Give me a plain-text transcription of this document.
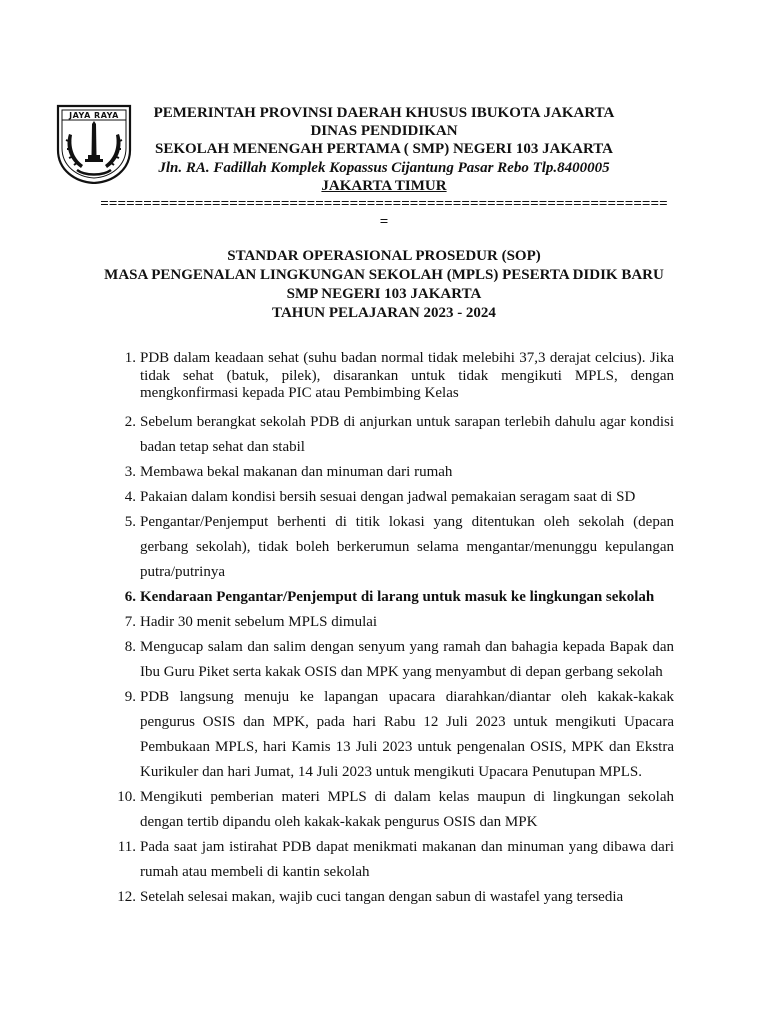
JAYA RAYA	PEMERINTAH PROVINSI DAERAH KHUSUS IBUKOTA JAKARTA
DINAS PENDIDIKAN
SEKOLAH MENENGAH PERTAMA ( SMP) NEGERI 103 JAKARTA
Jln. RA. Fadillah Komplek Kopassus Cijantung Pasar Rebo Tlp.8400005
JAKARTA TIMUR
==================================================================
=
STANDAR OPERASIONAL PROSEDUR (SOP)
MASA PENGENALAN LINGKUNGAN SEKOLAH (MPLS) PESERTA DIDIK BARU
SMP NEGERI 103 JAKARTA
TAHUN PELAJARAN 2023 - 2024
1. PDB dalam keadaan sehat (suhu badan normal tidak melebihi 37,3 derajat celcius). Jika tidak sehat (batuk, pilek), disarankan untuk tidak mengikuti MPLS, dengan mengkonfirmasi kepada PIC atau Pembimbing Kelas
2. Sebelum berangkat sekolah PDB di anjurkan untuk sarapan terlebih dahulu agar kondisi badan tetap sehat dan stabil
3. Membawa bekal makanan dan minuman dari rumah
4. Pakaian dalam kondisi bersih sesuai dengan jadwal pemakaian seragam saat di SD
5. Pengantar/Penjemput berhenti di titik lokasi yang ditentukan oleh sekolah (depan gerbang sekolah), tidak boleh berkerumun selama mengantar/menunggu kepulangan putra/putrinya
6. Kendaraan Pengantar/Penjemput di larang untuk masuk ke lingkungan sekolah
7. Hadir 30 menit sebelum MPLS dimulai
8. Mengucap salam dan salim dengan senyum yang ramah dan bahagia kepada Bapak dan Ibu Guru Piket serta kakak OSIS dan MPK yang menyambut di depan gerbang sekolah
9. PDB langsung menuju ke lapangan upacara diarahkan/diantar oleh kakak-kakak pengurus OSIS dan MPK, pada hari Rabu 12 Juli 2023 untuk mengikuti Upacara Pembukaan MPLS, hari Kamis 13 Juli 2023 untuk pengenalan OSIS, MPK dan Ekstra Kurikuler dan hari Jumat, 14 Juli 2023 untuk mengikuti Upacara Penutupan MPLS.
10. Mengikuti pemberian materi MPLS di dalam kelas maupun di lingkungan sekolah dengan tertib dipandu oleh kakak-kakak pengurus OSIS dan MPK
11. Pada saat jam istirahat PDB dapat menikmati makanan dan minuman yang dibawa dari rumah atau membeli di kantin sekolah
12. Setelah selesai makan, wajib cuci tangan dengan sabun di wastafel yang tersedia
